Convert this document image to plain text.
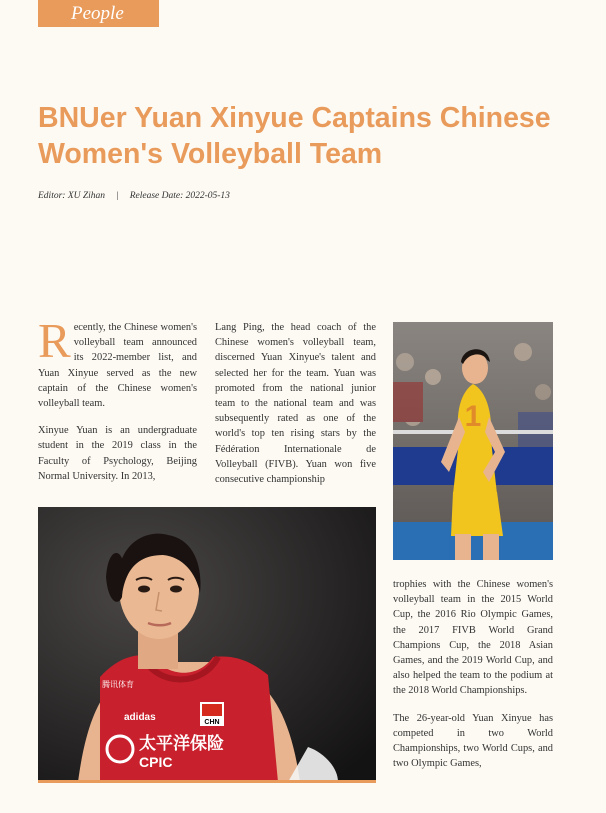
People
BNUer Yuan Xinyue Captains Chinese Women's Volleyball Team
Editor: XU Zihan | Release Date: 2022-05-13

Recently, the Chinese women's volleyball team announced its 2022-member list, and Yuan Xinyue served as the new captain of the Chinese women's volleyball team.

Xinyue Yuan is an undergraduate student in the 2019 class in the Faculty of Psychology, Beijing Normal University. In 2013,

Lang Ping, the head coach of the Chinese women's volleyball team, discerned Yuan Xinyue's talent and selected her for the team. Yuan was promoted from the national junior team to the national team and was subsequently rated as one of the world's top ten rising stars by the Fédération Internationale de Volleyball (FIVB). Yuan won five consecutive championship

1
CHN
adidas
腾讯体育
太平洋保险
CPIC

trophies with the Chinese women's volleyball team in the 2015 World Cup, the 2016 Rio Olympic Games, the 2017 FIVB World Grand Champions Cup, the 2018 Asian Games, and the 2019 World Cup, and also helped the team to the podium at the 2018 World Championships.

The 26-year-old Yuan Xinyue has competed in two World Championships, two World Cups, and two Olympic Games,
